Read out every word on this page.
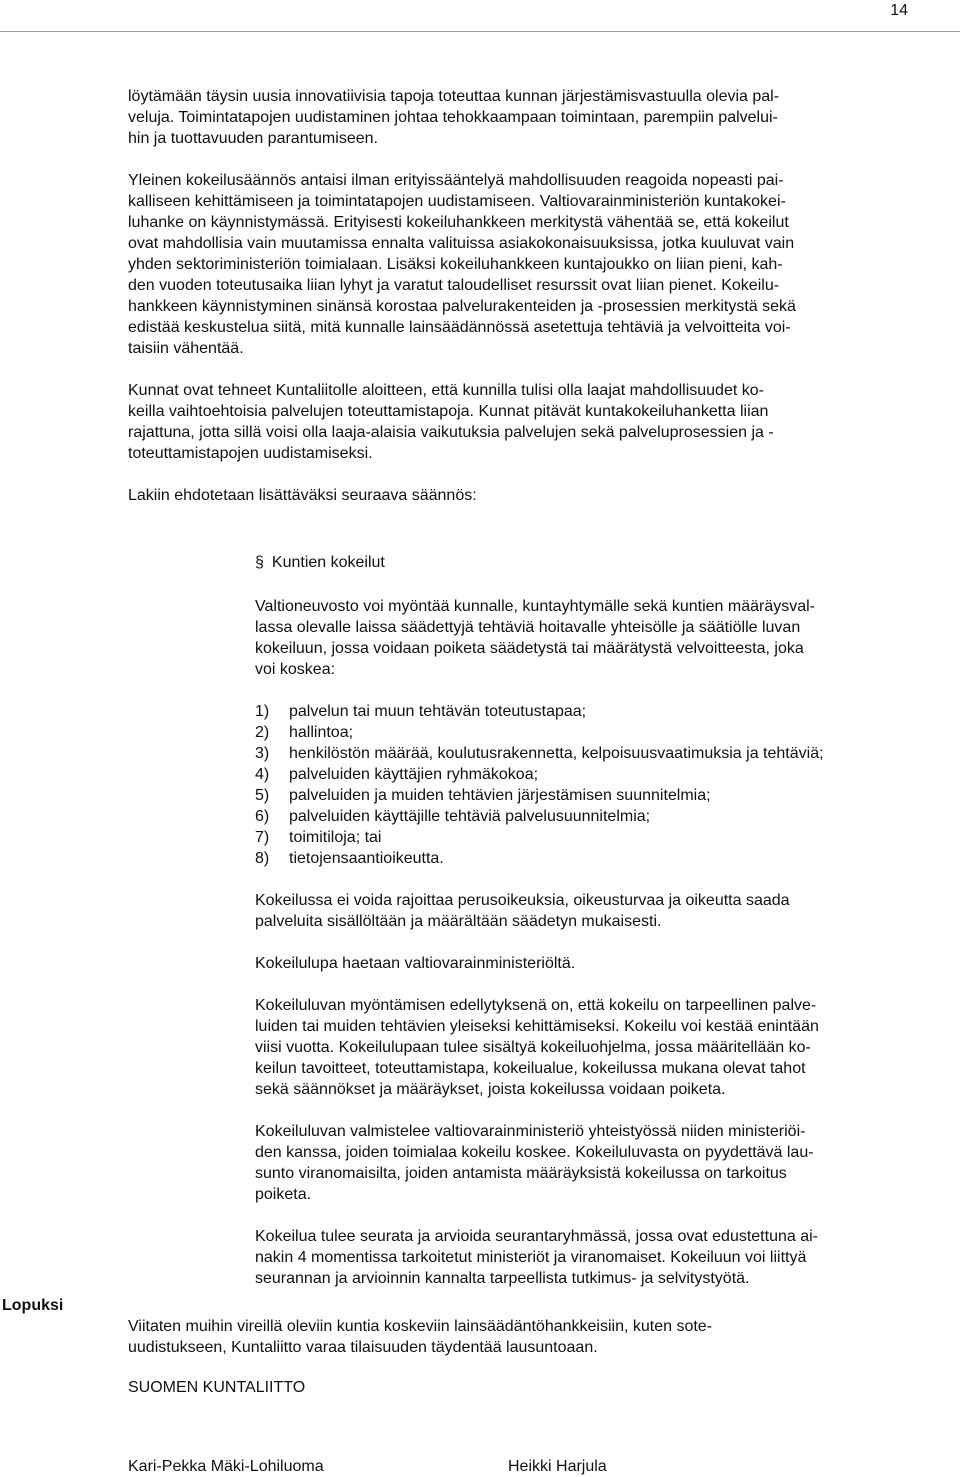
14

löytämään täysin uusia innovatiivisia tapoja toteuttaa kunnan järjestämisvastuulla olevia pal-
veluja. Toimintatapojen uudistaminen johtaa tehokkaampaan toimintaan, parempiin palvelui-
hin ja tuottavuuden parantumiseen.

Yleinen kokeilusäännös antaisi ilman erityissääntelyä mahdollisuuden reagoida nopeasti pai-
kalliseen kehittämiseen ja toimintatapojen uudistamiseen. Valtiovarainministeriön kuntakokei-
luhanke on käynnistymässä. Erityisesti kokeiluhankkeen merkitystä vähentää se, että kokeilut
ovat mahdollisia vain muutamissa ennalta valituissa asiakokonaisuuksissa, jotka kuuluvat vain
yhden sektoriministeriön toimialaan. Lisäksi kokeiluhankkeen kuntajoukko on liian pieni, kah-
den vuoden toteutusaika liian lyhyt ja varatut taloudelliset resurssit ovat liian pienet. Kokeilu-
hankkeen käynnistyminen sinänsä korostaa palvelurakenteiden ja -prosessien merkitystä sekä
edistää keskustelua siitä, mitä kunnalle lainsäädännössä asetettuja tehtäviä ja velvoitteita voi-
taisiin vähentää.

Kunnat ovat tehneet Kuntaliitolle aloitteen, että kunnilla tulisi olla laajat mahdollisuudet ko-
keilla vaihtoehtoisia palvelujen toteuttamistapoja. Kunnat pitävät kuntakokeiluhanketta liian
rajattuna, jotta sillä voisi olla laaja-alaisia vaikutuksia palvelujen sekä palveluprosessien ja -
toteuttamistapojen uudistamiseksi.

Lakiin ehdotetaan lisättäväksi seuraava säännös:

§ Kuntien kokeilut

Valtioneuvosto voi myöntää kunnalle, kuntayhtymälle sekä kuntien määräysval-
lassa olevalle laissa säädettyjä tehtäviä hoitavalle yhteisölle ja säätiölle luvan
kokeiluun, jossa voidaan poiketa säädetystä tai määrätystä velvoitteesta, joka
voi koskea:

1)	palvelun tai muun tehtävän toteutustapaa;
2)	hallintoa;
3)	henkilöstön määrää, koulutusrakennetta, kelpoisuusvaatimuksia ja tehtäviä;
4)	palveluiden käyttäjien ryhmäkokoa;
5)	palveluiden ja muiden tehtävien järjestämisen suunnitelmia;
6)	palveluiden käyttäjille tehtäviä palvelusuunnitelmia;
7)	toimitiloja; tai
8)	tietojensaantioikeutta.

Kokeilussa ei voida rajoittaa perusoikeuksia, oikeusturvaa ja oikeutta saada
palveluita sisällöltään ja määrältään säädetyn mukaisesti.

Kokeilulupa haetaan valtiovarainministeriöltä.

Kokeiluluvan myöntämisen edellytyksenä on, että kokeilu on tarpeellinen palve-
luiden tai muiden tehtävien yleiseksi kehittämiseksi. Kokeilu voi kestää enintään
viisi vuotta. Kokeilulupaan tulee sisältyä kokeiluohjelma, jossa määritellään ko-
keilun tavoitteet, toteuttamistapa, kokeilualue, kokeilussa mukana olevat tahot
sekä säännökset ja määräykset, joista kokeilussa voidaan poiketa.

Kokeiluluvan valmistelee valtiovarainministeriö yhteistyössä niiden ministeriöi-
den kanssa, joiden toimialaa kokeilu koskee. Kokeiluluvasta on pyydettävä lau-
sunto viranomaisilta, joiden antamista määräyksistä kokeilussa on tarkoitus
poiketa.

Kokeilua tulee seurata ja arvioida seurantaryhmässä, jossa ovat edustettuna ai-
nakin 4 momentissa tarkoitetut ministeriöt ja viranomaiset. Kokeiluun voi liittyä
seurannan ja arvioinnin kannalta tarpeellista tutkimus- ja selvitystyötä.

Lopuksi

Viitaten muihin vireillä oleviin kuntia koskeviin lainsäädäntöhankkeisiin, kuten sote-
uudistukseen, Kuntaliitto varaa tilaisuuden täydentää lausuntoaan.

SUOMEN KUNTALIITTO

Kari-Pekka Mäki-Lohiluoma	Heikki Harjula
